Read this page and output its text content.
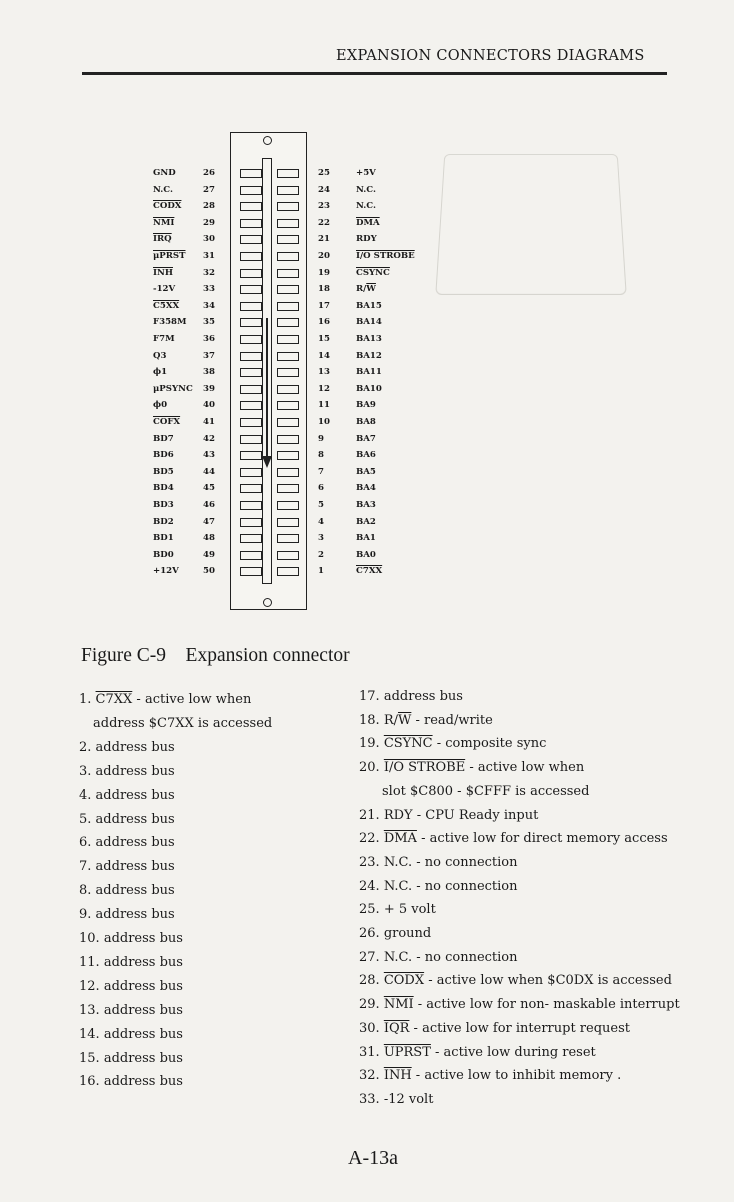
EXPANSION CONNECTORS DIAGRAMS
GND	26
N.C.	27
CODX	28
$\overline{NMI}$	29
$\overline{IRQ}$	30
μPRST 31
$\overline{INH}$	32
-12V	33
C5XX	34
F358M 35
F7M	36
Q3	37
ϕ1	38
μPSYNC 39
ϕ0	40
COFX	41
BD7	42
BD6	43
BD5	44
BD4	45
BD3	46
BD2	47
BD1	48
BD0	49
+12V	50
25	+5V
24	N.C.
23	N.C.
22	$\overline{DMA}$
21	RDY
20	I/O STROBE
19	CSYNC
18	$R/\overline{W}$
17	BA15
16	BA14
15	BA13
14	BA12
13	BA11
12	BA10
11	BA9
10	BA8
9	BA7
8	BA6
7	BA5
6	BA4
5	BA3
4	BA2
3	BA1
2	BA0
1	C7XX
Figure C-9    Expansion connector
1. C7XX - active low when
address $C7XX is accessed
2. address bus
3. address bus
4. address bus
5. address bus
6. address bus
7. address bus
8. address bus
9. address bus
10. address bus
11. address bus
12. address bus
13. address bus
14. address bus
15. address bus
16. address bus
17. address bus
18. $R/\overline{W}$ - read/write
19. CSYNC - composite sync
20. I/O STROBE - active low when
slot $C800 - $CFFF is accessed
21. RDY - CPU Ready input
22. $\overline{DMA}$ - active low for direct memory access
23. N.C. - no connection
24. N.C. - no connection
25. + 5 volt
26. ground
27. N.C. - no connection
28. CODX - active low when $C0DX is accessed
29. $\overline{NMI}$ - active low for non- maskable interrupt
30. $\overline{IQR}$ - active low for interrupt request
31. UPRST - active low during reset
32. $\overline{INH}$ - active low to inhibit memory .
33. -12 volt
A-13a
